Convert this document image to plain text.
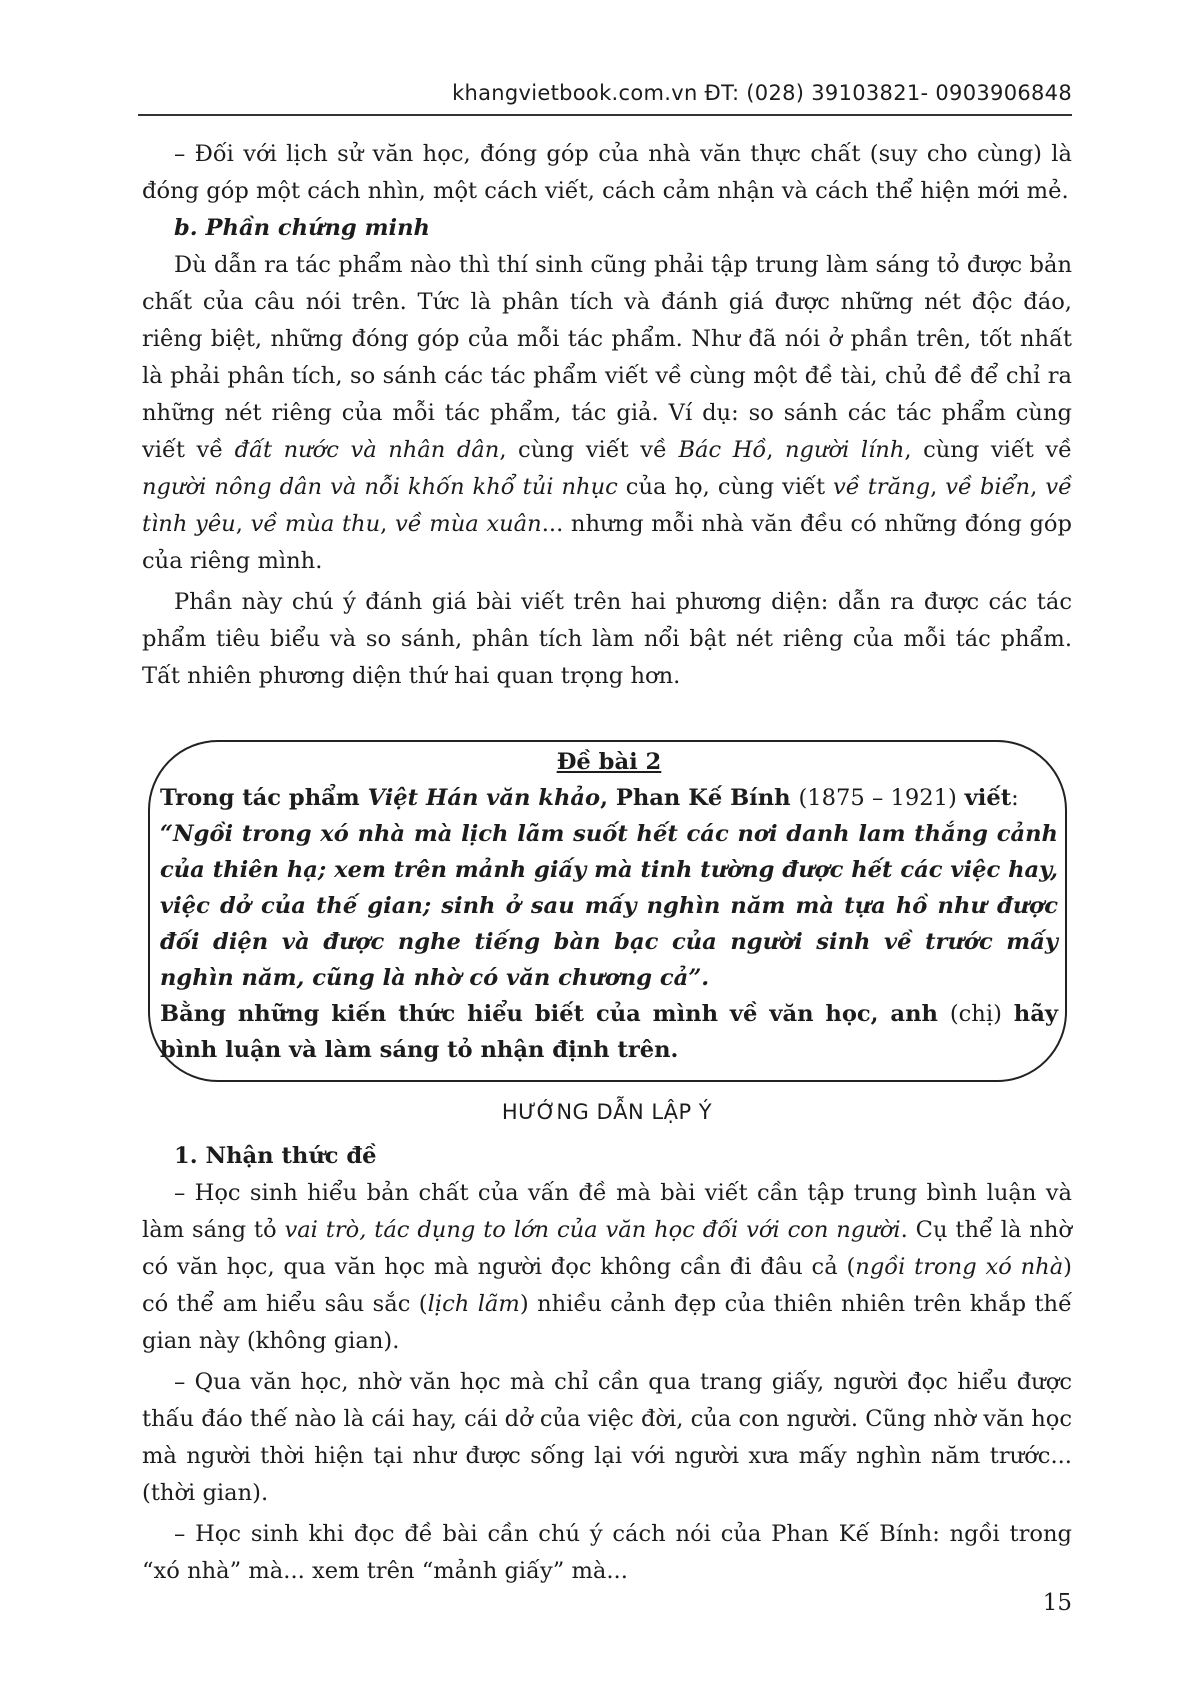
khangvietbook.com.vn ĐT: (028) 39103821- 0903906848

– Đối với lịch sử văn học, đóng góp của nhà văn thực chất (suy cho cùng) là đóng góp một cách nhìn, một cách viết, cách cảm nhận và cách thể hiện mới mẻ.

b. Phần chứng minh

Dù dẫn ra tác phẩm nào thì thí sinh cũng phải tập trung làm sáng tỏ được bản chất của câu nói trên. Tức là phân tích và đánh giá được những nét độc đáo, riêng biệt, những đóng góp của mỗi tác phẩm. Như đã nói ở phần trên, tốt nhất là phải phân tích, so sánh các tác phẩm viết về cùng một đề tài, chủ đề để chỉ ra những nét riêng của mỗi tác phẩm, tác giả. Ví dụ: so sánh các tác phẩm cùng viết về đất nước và nhân dân, cùng viết về Bác Hồ, người lính, cùng viết về người nông dân và nỗi khốn khổ tủi nhục của họ, cùng viết về trăng, về biển, về tình yêu, về mùa thu, về mùa xuân... nhưng mỗi nhà văn đều có những đóng góp của riêng mình.

Phần này chú ý đánh giá bài viết trên hai phương diện: dẫn ra được các tác phẩm tiêu biểu và so sánh, phân tích làm nổi bật nét riêng của mỗi tác phẩm. Tất nhiên phương diện thứ hai quan trọng hơn.

Đề bài 2

Trong tác phẩm Việt Hán văn khảo, Phan Kế Bính (1875 – 1921) viết:

“Ngồi trong xó nhà mà lịch lãm suốt hết các nơi danh lam thắng cảnh của thiên hạ; xem trên mảnh giấy mà tinh tường được hết các việc hay, việc dở của thế gian; sinh ở sau mấy nghìn năm mà tựa hồ như được đối diện và được nghe tiếng bàn bạc của người sinh về trước mấy nghìn năm, cũng là nhờ có văn chương cả”.

Bằng những kiến thức hiểu biết của mình về văn học, anh (chị) hãy bình luận và làm sáng tỏ nhận định trên.

HƯỚNG DẪN LẬP Ý

1. Nhận thức đề

– Học sinh hiểu bản chất của vấn đề mà bài viết cần tập trung bình luận và làm sáng tỏ vai trò, tác dụng to lớn của văn học đối với con người. Cụ thể là nhờ có văn học, qua văn học mà người đọc không cần đi đâu cả (ngồi trong xó nhà) có thể am hiểu sâu sắc (lịch lãm) nhiều cảnh đẹp của thiên nhiên trên khắp thế gian này (không gian).

– Qua văn học, nhờ văn học mà chỉ cần qua trang giấy, người đọc hiểu được thấu đáo thế nào là cái hay, cái dở của việc đời, của con người. Cũng nhờ văn học mà người thời hiện tại như được sống lại với người xưa mấy nghìn năm trước... (thời gian).

– Học sinh khi đọc đề bài cần chú ý cách nói của Phan Kế Bính: ngồi trong “xó nhà” mà... xem trên “mảnh giấy” mà...

15
